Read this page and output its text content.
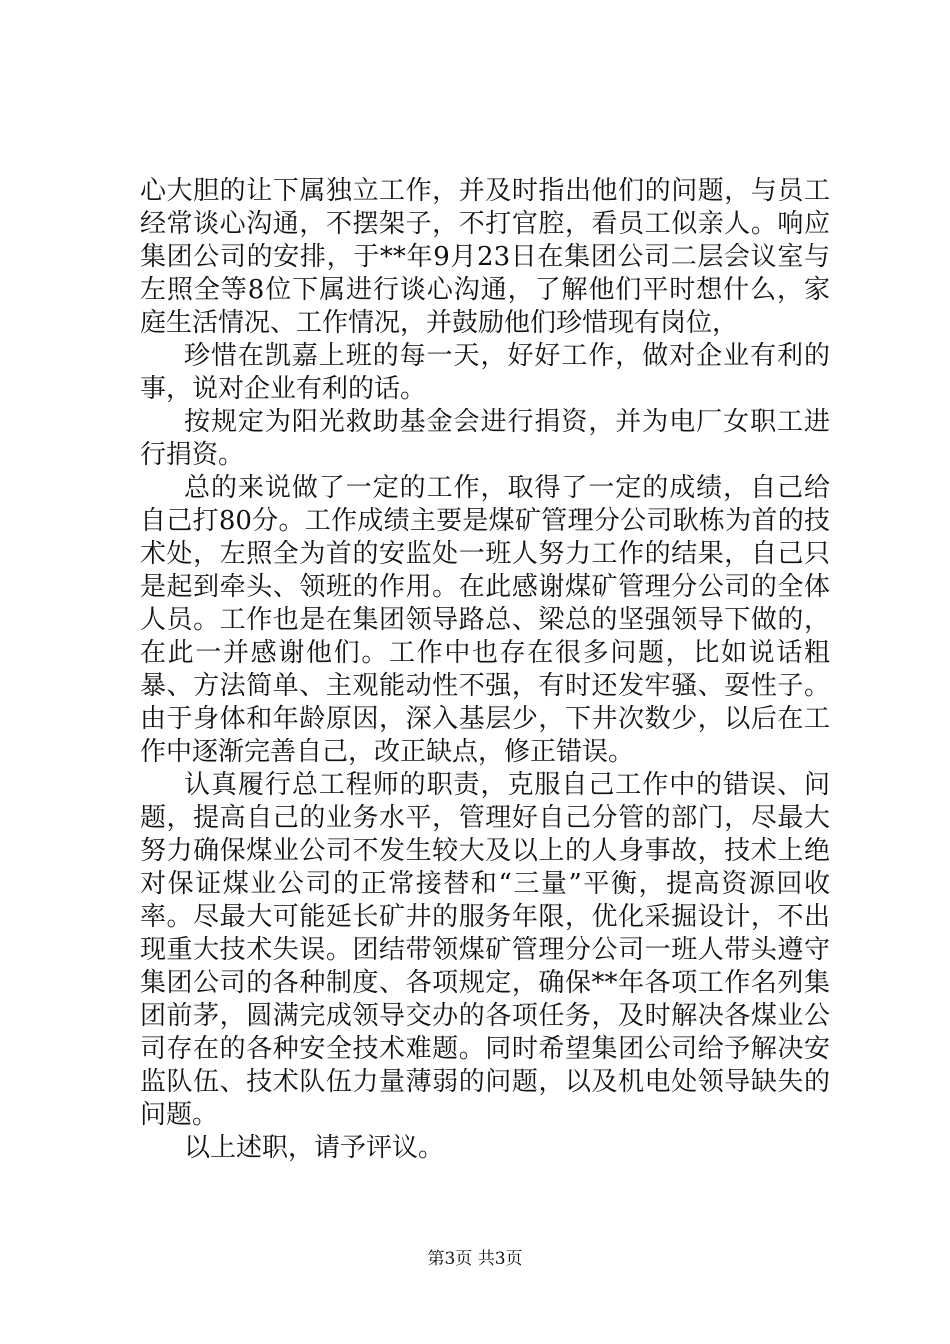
心大胆的让下属独立工作，并及时指出他们的问题，与员工经常谈心沟通，不摆架子，不打官腔，看员工似亲人。响应集团公司的安排，于**年9月23日在集团公司二层会议室与左照全等8位下属进行谈心沟通，了解他们平时想什么，家庭生活情况、工作情况，并鼓励他们珍惜现有岗位，

珍惜在凯嘉上班的每一天，好好工作，做对企业有利的事，说对企业有利的话。

按规定为阳光救助基金会进行捐资，并为电厂女职工进行捐资。

总的来说做了一定的工作，取得了一定的成绩，自己给自己打80分。工作成绩主要是煤矿管理分公司耿栋为首的技术处，左照全为首的安监处一班人努力工作的结果，自己只是起到牵头、领班的作用。在此感谢煤矿管理分公司的全体人员。工作也是在集团领导路总、梁总的坚强领导下做的，在此一并感谢他们。工作中也存在很多问题，比如说话粗暴、方法简单、主观能动性不强，有时还发牢骚、耍性子。由于身体和年龄原因，深入基层少，下井次数少，以后在工作中逐渐完善自己，改正缺点，修正错误。

认真履行总工程师的职责，克服自己工作中的错误、问题，提高自己的业务水平，管理好自己分管的部门，尽最大努力确保煤业公司不发生较大及以上的人身事故，技术上绝对保证煤业公司的正常接替和“三量”平衡，提高资源回收率。尽最大可能延长矿井的服务年限，优化采掘设计，不出现重大技术失误。团结带领煤矿管理分公司一班人带头遵守集团公司的各种制度、各项规定，确保**年各项工作名列集团前茅，圆满完成领导交办的各项任务，及时解决各煤业公司存在的各种安全技术难题。同时希望集团公司给予解决安监队伍、技术队伍力量薄弱的问题，以及机电处领导缺失的问题。

以上述职，请予评议。

第3页 共3页
